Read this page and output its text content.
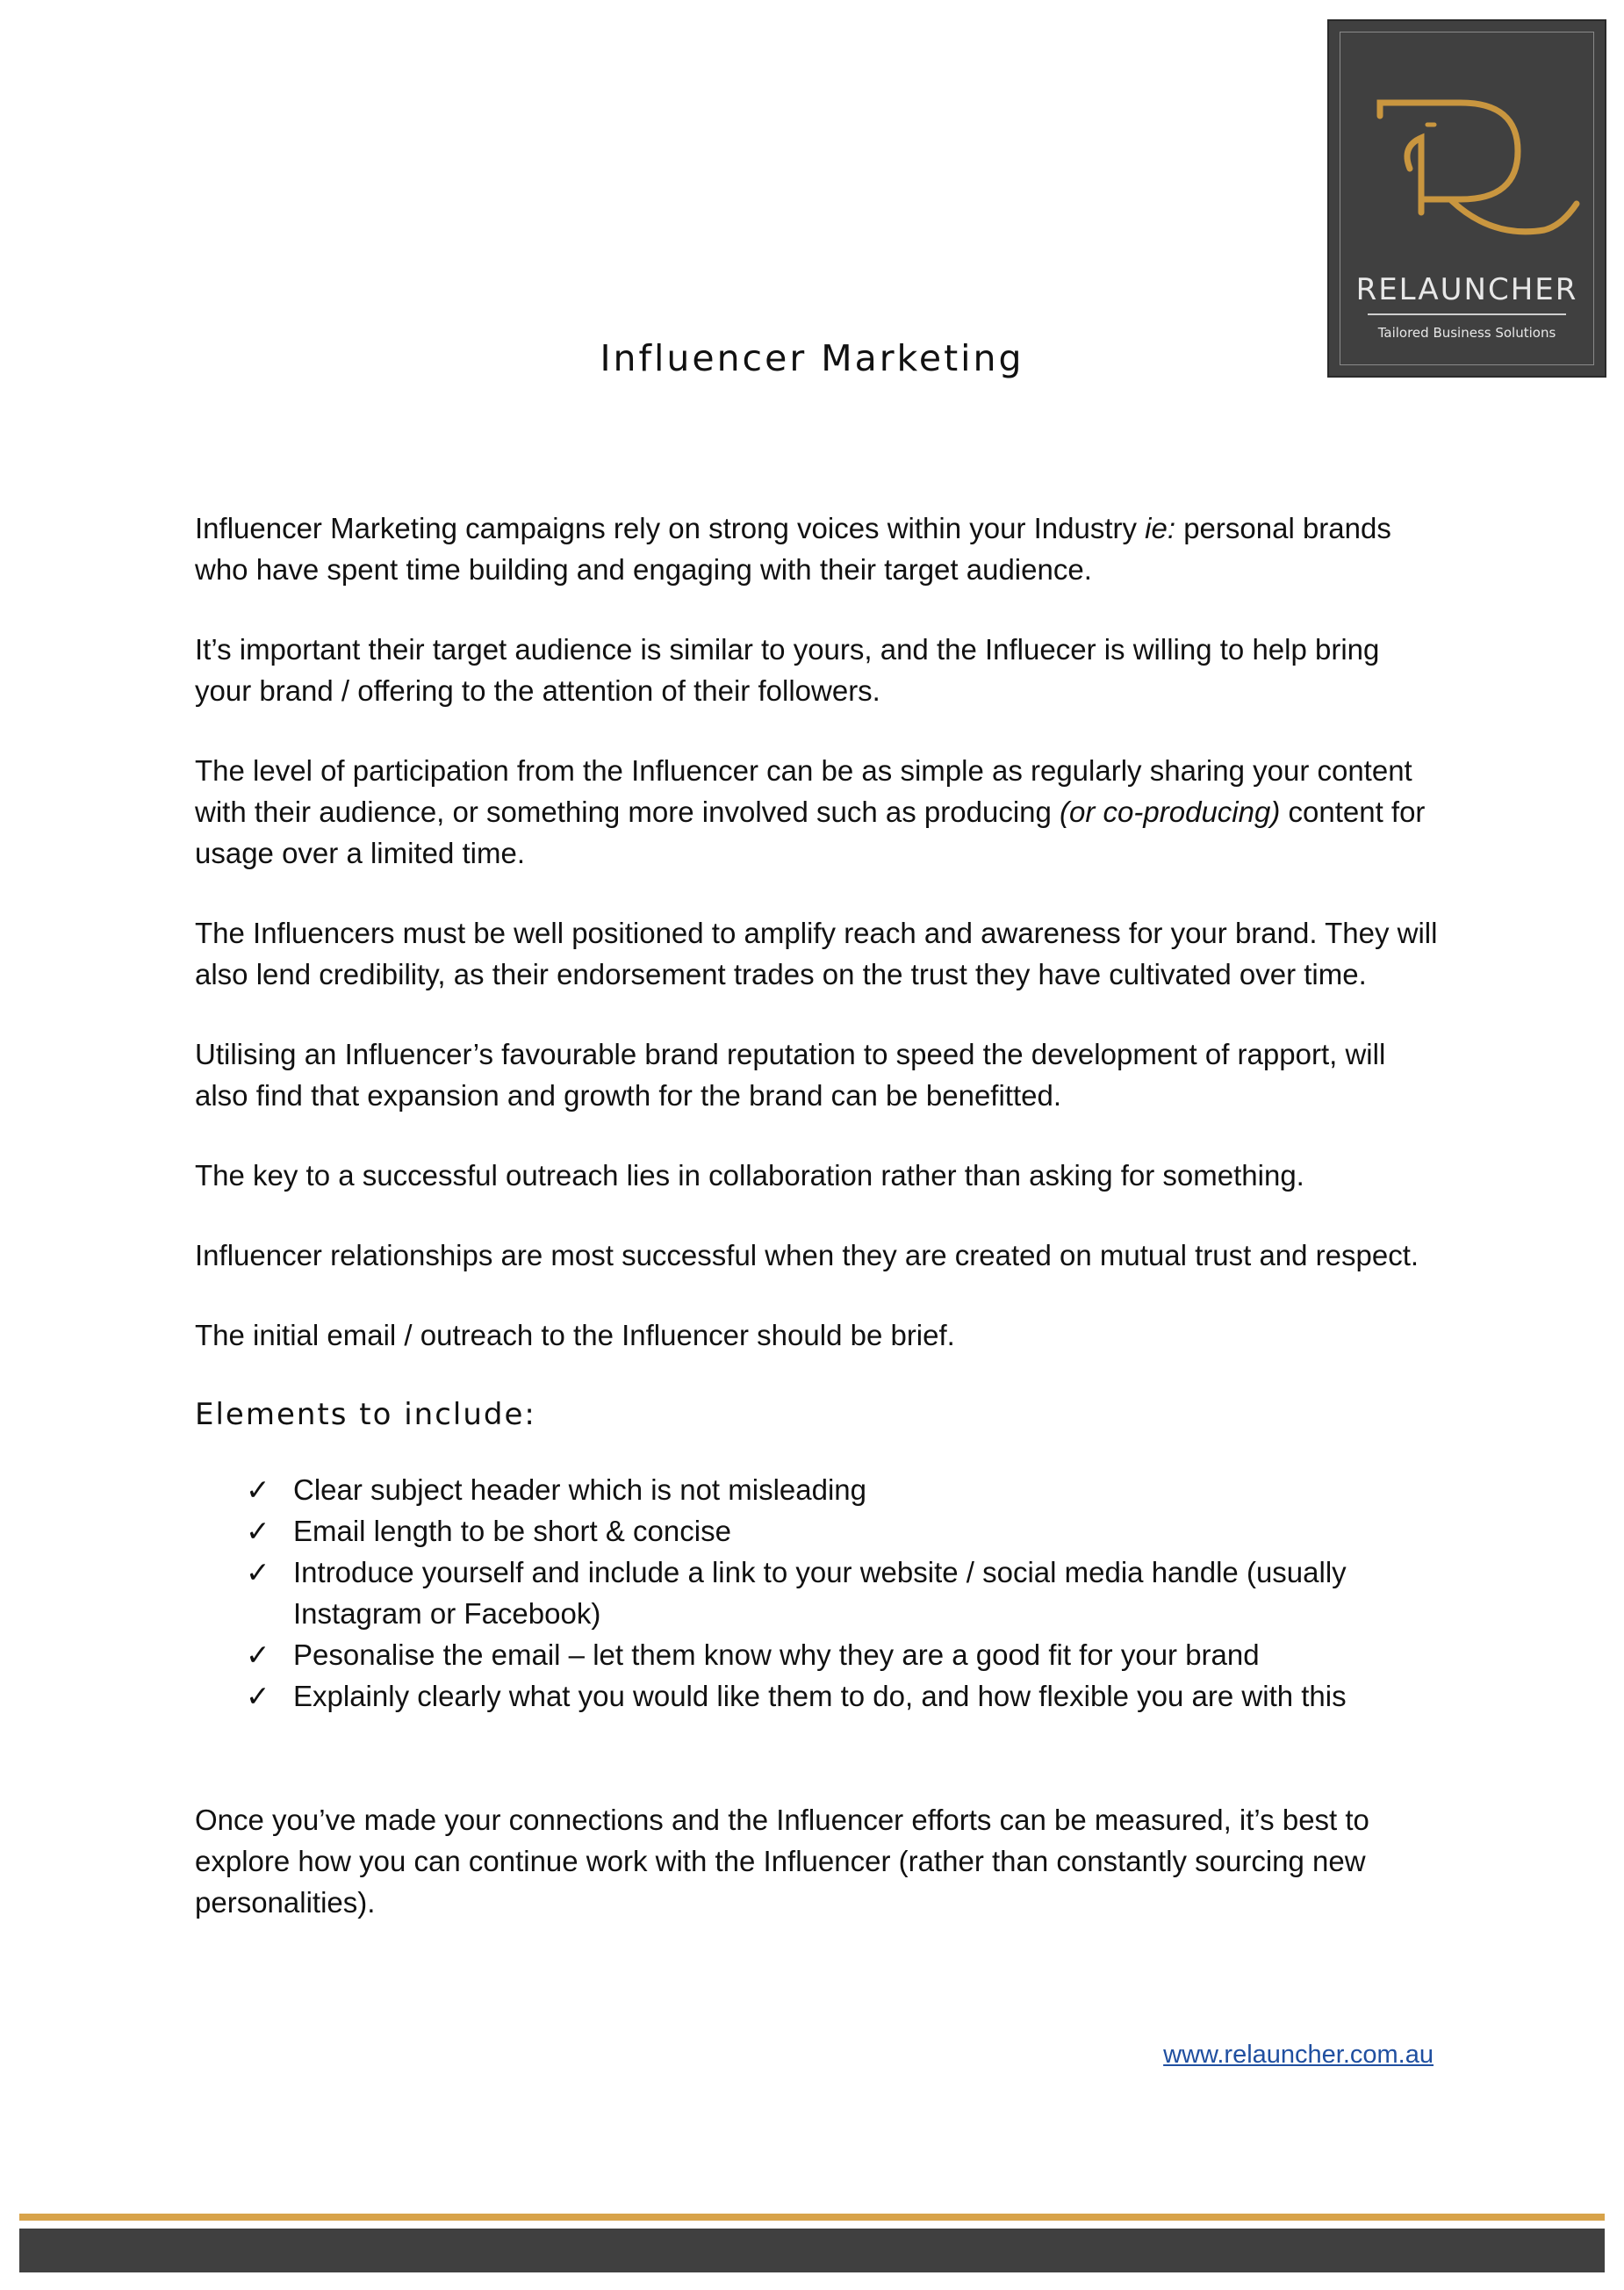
RELAUNCHER
Tailored Business Solutions
Influencer Marketing

Influencer Marketing campaigns rely on strong voices within your Industry ie: personal brands who have spent time building and engaging with their target audience.

It’s important their target audience is similar to yours, and the Influecer is willing to help bring your brand / offering to the attention of their followers.

The level of participation from the Influencer can be as simple as regularly sharing your content with their audience, or something more involved such as producing (or co-producing) content for usage over a limited time.

The Influencers must be well positioned to amplify reach and awareness for your brand. They will also lend credibility, as their endorsement trades on the trust they have cultivated over time.

Utilising an Influencer’s favourable brand reputation to speed the development of rapport, will also find that expansion and growth for the brand can be benefitted.

The key to a successful outreach lies in collaboration rather than asking for something.

Influencer relationships are most successful when they are created on mutual trust and respect.

The initial email / outreach to the Influencer should be brief.

Elements to include:
✓ Clear subject header which is not misleading
✓ Email length to be short & concise
✓ Introduce yourself and include a link to your website / social media handle (usually Instagram or Facebook)
✓ Pesonalise the email – let them know why they are a good fit for your brand
✓ Explainly clearly what you would like them to do, and how flexible you are with this

Once you’ve made your connections and the Influencer efforts can be measured, it’s best to explore how you can continue work with the Influencer (rather than constantly sourcing new personalities).

www.relauncher.com.au
